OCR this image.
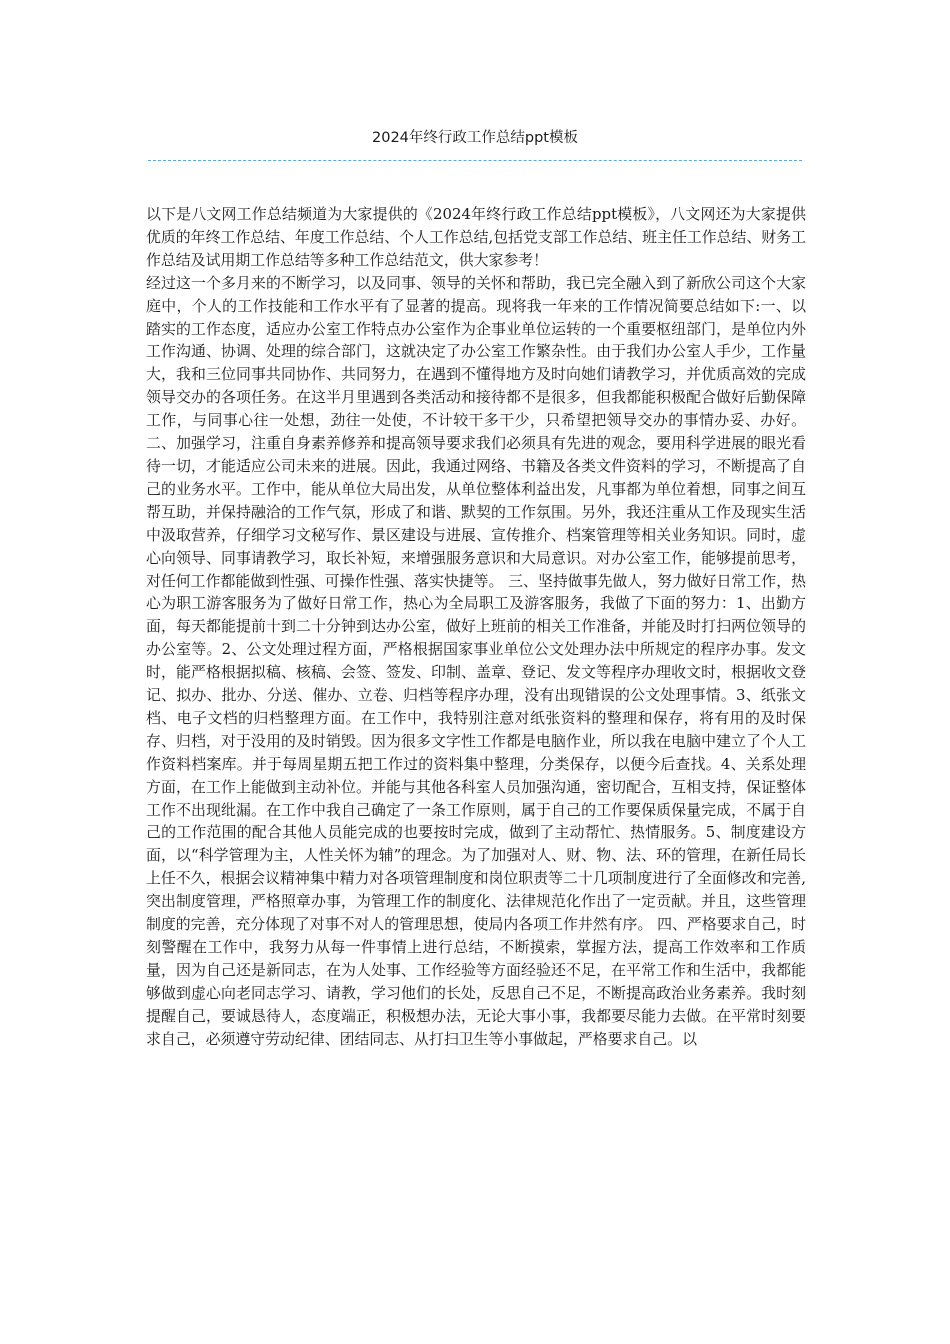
2024年终行政工作总结ppt模板

以下是八文网工作总结频道为大家提供的《2024年终行政工作总结ppt模板》，八文网还为大家提供优质的年终工作总结、年度工作总结、个人工作总结,包括党支部工作总结、班主任工作总结、财务工作总结及试用期工作总结等多种工作总结范文，供大家参考！

经过这一个多月来的不断学习，以及同事、领导的关怀和帮助，我已完全融入到了新欣公司这个大家庭中，个人的工作技能和工作水平有了显著的提高。现将我一年来的工作情况简要总结如下:一、以踏实的工作态度，适应办公室工作特点办公室作为企事业单位运转的一个重要枢纽部门，是单位内外工作沟通、协调、处理的综合部门，这就决定了办公室工作繁杂性。由于我们办公室人手少，工作量大，我和三位同事共同协作、共同努力，在遇到不懂得地方及时向她们请教学习，并优质高效的完成领导交办的各项任务。在这半月里遇到各类活动和接待都不是很多，但我都能积极配合做好后勤保障工作，与同事心往一处想，劲往一处使，不计较干多干少，只希望把领导交办的事情办妥、办好。 二、加强学习，注重自身素养修养和提高领导要求我们必须具有先进的观念，要用科学进展的眼光看待一切，才能适应公司未来的进展。因此，我通过网络、书籍及各类文件资料的学习，不断提高了自己的业务水平。工作中，能从单位大局出发，从单位整体利益出发，凡事都为单位着想，同事之间互帮互助，并保持融洽的工作气氛，形成了和谐、默契的工作氛围。另外，我还注重从工作及现实生活中汲取营养，仔细学习文秘写作、景区建设与进展、宣传推介、档案管理等相关业务知识。同时，虚心向领导、同事请教学习，取长补短，来增强服务意识和大局意识。对办公室工作，能够提前思考，对任何工作都能做到性强、可操作性强、落实快捷等。 三、坚持做事先做人，努力做好日常工作，热心为职工游客服务为了做好日常工作，热心为全局职工及游客服务，我做了下面的努力：1、出勤方面，每天都能提前十到二十分钟到达办公室，做好上班前的相关工作准备，并能及时打扫两位领导的办公室等。2、公文处理过程方面，严格根据国家事业单位公文处理办法中所规定的程序办事。发文时，能严格根据拟稿、核稿、会签、签发、印制、盖章、登记、发文等程序办理收文时，根据收文登记、拟办、批办、分送、催办、立卷、归档等程序办理，没有出现错误的公文处理事情。3、纸张文档、电子文档的归档整理方面。在工作中，我特别注意对纸张资料的整理和保存，将有用的及时保存、归档，对于没用的及时销毁。因为很多文字性工作都是电脑作业，所以我在电脑中建立了个人工作资料档案库。并于每周星期五把工作过的资料集中整理，分类保存，以便今后查找。4、关系处理方面，在工作上能做到主动补位。并能与其他各科室人员加强沟通，密切配合，互相支持，保证整体工作不出现纰漏。在工作中我自己确定了一条工作原则，属于自己的工作要保质保量完成，不属于自己的工作范围的配合其他人员能完成的也要按时完成，做到了主动帮忙、热情服务。5、制度建设方面，以“科学管理为主，人性关怀为辅”的理念。为了加强对人、财、物、法、环的管理，在新任局长上任不久，根据会议精神集中精力对各项管理制度和岗位职责等二十几项制度进行了全面修改和完善,突出制度管理，严格照章办事，为管理工作的制度化、法律规范化作出了一定贡献。并且，这些管理制度的完善，充分体现了对事不对人的管理思想，使局内各项工作井然有序。 四、严格要求自己，时刻警醒在工作中，我努力从每一件事情上进行总结，不断摸索，掌握方法，提高工作效率和工作质量，因为自己还是新同志，在为人处事、工作经验等方面经验还不足，在平常工作和生活中，我都能够做到虚心向老同志学习、请教，学习他们的长处，反思自己不足，不断提高政治业务素养。我时刻提醒自己，要诚恳待人，态度端正，积极想办法，无论大事小事，我都要尽能力去做。在平常时刻要求自己，必须遵守劳动纪律、团结同志、从打扫卫生等小事做起，严格要求自己。以
